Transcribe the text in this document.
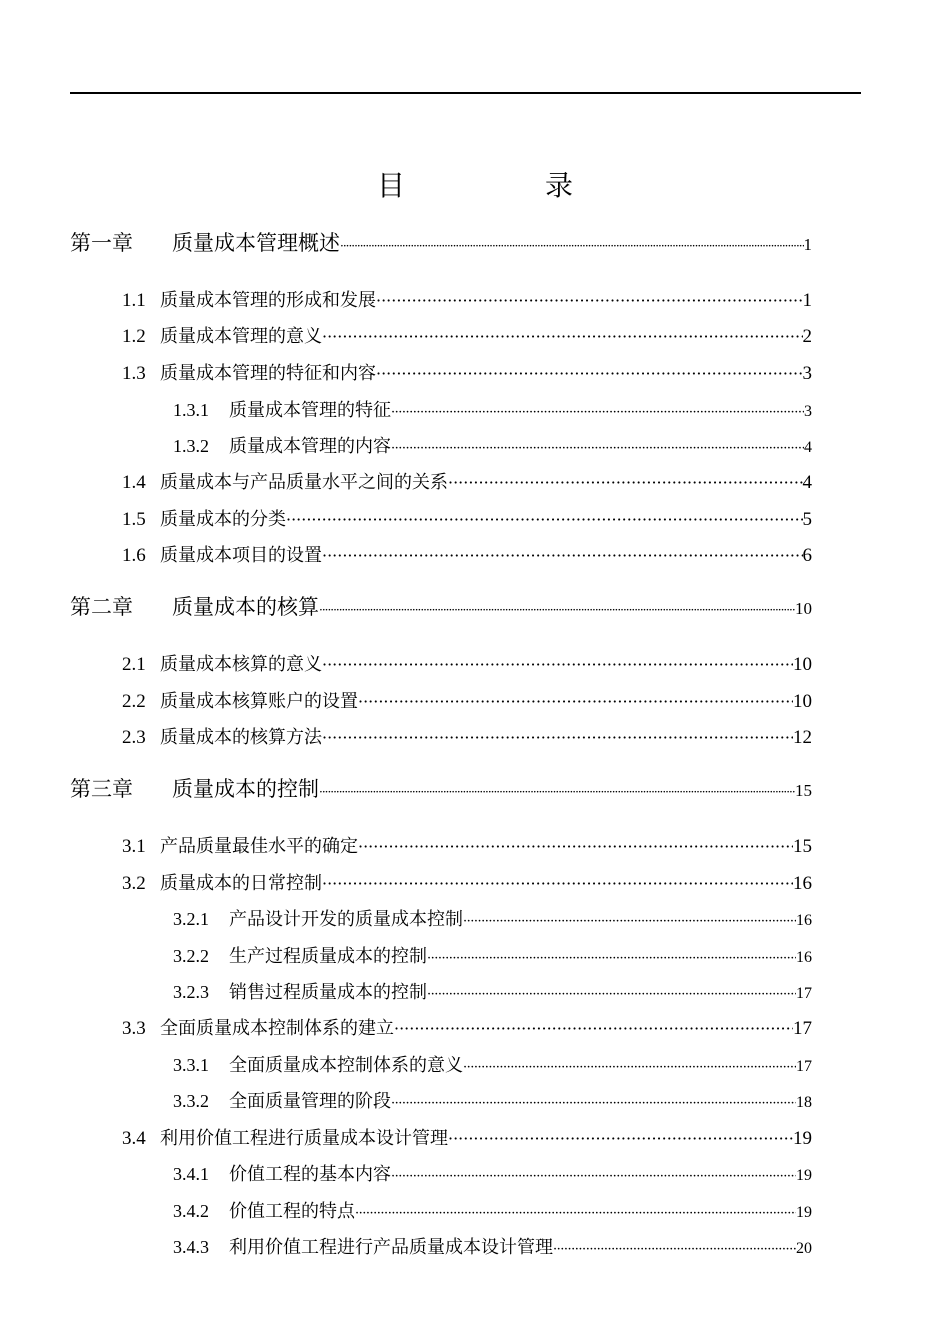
目　录
第一章	质量成本管理概述 ·····	1
1.1 质量成本管理的形成和发展 ·····	1
1.2 质量成本管理的意义 ·····	2
1.3 质量成本管理的特征和内容 ·····	3
1.3.1	质量成本管理的特征 ·····	3
1.3.2	质量成本管理的内容 ·····	4
1.4 质量成本与产品质量水平之间的关系 ·····	4
1.5 质量成本的分类 ·····	5
1.6 质量成本项目的设置 ·····	6
第二章	质量成本的核算 ·····	10
2.1 质量成本核算的意义 ·····	10
2.2 质量成本核算账户的设置 ·····	10
2.3 质量成本的核算方法 ·····	12
第三章	质量成本的控制 ·····	15
3.1 产品质量最佳水平的确定 ·····	15
3.2 质量成本的日常控制 ·····	16
3.2.1	产品设计开发的质量成本控制 ·····	16
3.2.2	生产过程质量成本的控制 ·····	16
3.2.3	销售过程质量成本的控制 ·····	17
3.3 全面质量成本控制体系的建立 ·····	17
3.3.1	全面质量成本控制体系的意义 ·····	17
3.3.2	全面质量管理的阶段 ·····	18
3.4 利用价值工程进行质量成本设计管理 ·····	19
3.4.1	价值工程的基本内容 ·····	19
3.4.2	价值工程的特点 ·····	19
3.4.3	利用价值工程进行产品质量成本设计管理 ·····	20
